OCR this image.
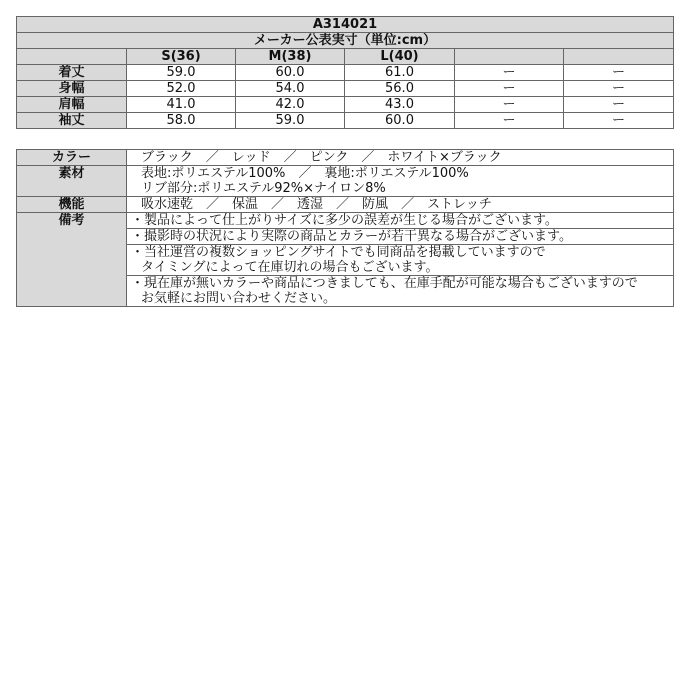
A314021					
メーカー公表実寸（単位:cm）					
	S(36)	M(38)	L(40)		
着丈	59.0	60.0	61.0	ー	ー
身幅	52.0	54.0	56.0	ー	ー
肩幅	41.0	42.0	43.0	ー	ー
袖丈	58.0	59.0	60.0	ー	ー
カラー	ブラック　／　レッド　／　ピンク　／　ホワイト×ブラック
素材	表地:ポリエステル100%　／　裏地:ポリエステル100%
リブ部分:ポリエステル92%×ナイロン8%

機能	吸水速乾　／　保温　／　透湿　／　防風　／　ストレッチ
備考	・製品によって仕上がりサイズに多少の誤差が生じる場合がございます。

	・撮影時の状況により実際の商品とカラーが若干異なる場合がございます。

	・当社運営の複数ショッピングサイトでも同商品を掲載していますので
タイミングによって在庫切れの場合もございます。

	・現在庫が無いカラーや商品につきましても、在庫手配が可能な場合もございますので
お気軽にお問い合わせください。
